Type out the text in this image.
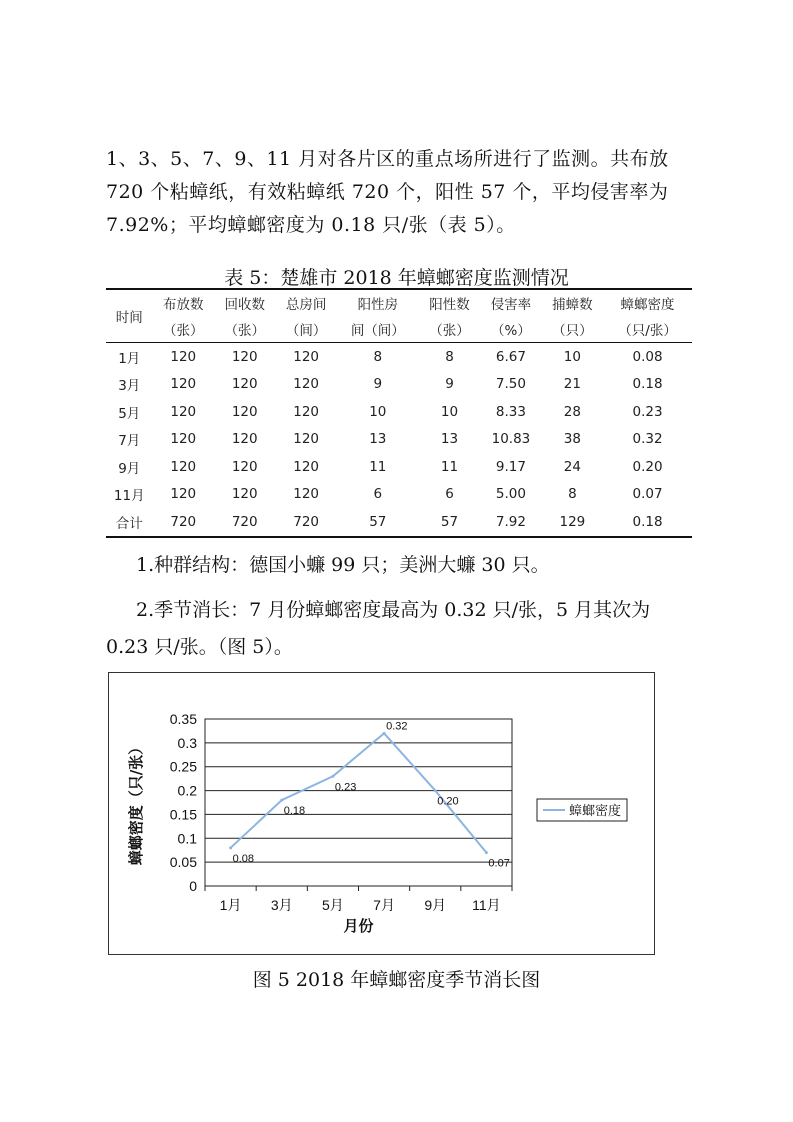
1、3、5、7、9、11 月对各片区的重点场所进行了监测。共布放 720 个粘蟑纸，有效粘蟑纸 720 个，阳性 57 个，平均侵害率为 7.92%；平均蟑螂密度为 0.18 只/张（表 5）。

表 5：楚雄市 2018 年蟑螂密度监测情况
时间	布放数	回收数	总房间	阳性房	阳性数	侵害率	捕蟑数	蟑螂密度
	（张）	（张）	（间）	间（间）	（张）	（%）	（只）	（只/张）
1月	120	120	120	8	8	6.67	10	0.08
3月	120	120	120	9	9	7.50	21	0.18
5月	120	120	120	10	10	8.33	28	0.23
7月	120	120	120	13	13	10.83	38	0.32
9月	120	120	120	11	11	9.17	24	0.20
11月	120	120	120	6	6	5.00	8	0.07
合计	720	720	720	57	57	7.92	129	0.18

1.种群结构：德国小蠊 99 只；美洲大蠊 30 只。

2.季节消长：7 月份蟑螂密度最高为 0.32 只/张，5 月其次为 0.23 只/张。（图 5）。

0
0.05
0.1
0.15
0.2
0.25
0.3
0.35
1月 3月 5月 7月 9月 11月
0.08
0.18
0.23
0.32
0.20
0.07
月份
蟑螂密度（只/张）	蟑螂密度
图 5 2018 年蟑螂密度季节消长图
